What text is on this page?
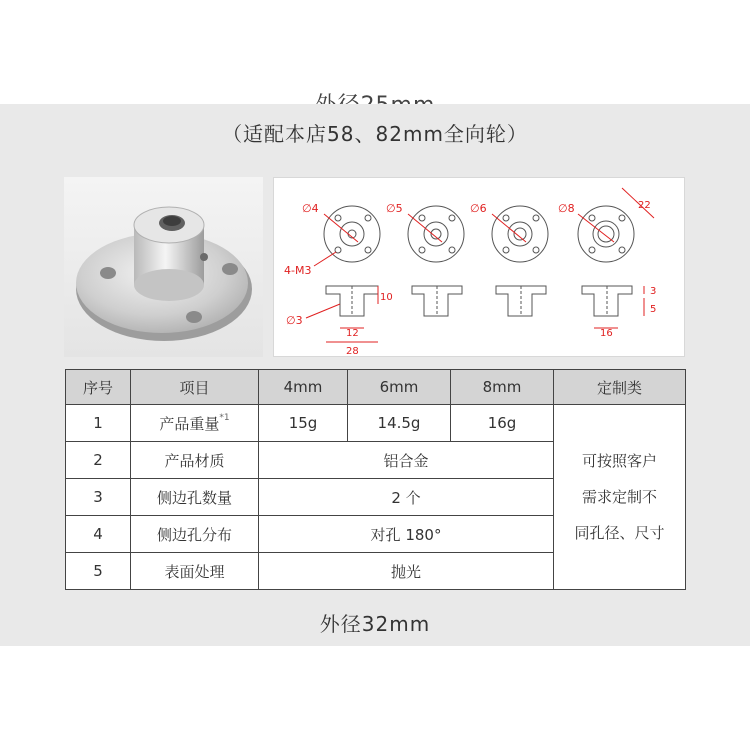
（适配本店58、82mm全向轮）
∅4	∅5	∅6	∅8
4-M3
∅3
12
28
10
22
3
5
16
序号	项目	4mm	6mm	8mm	定制类
1	产品重量$^{*1}$	15g	14.5g	16g	可按照客户
需求定制不
同孔径、尺寸

2	产品材质	铝合金			
3	侧边孔数量	2 个			
4	侧边孔分布	对孔 180°			
5	表面处理	抛光			
外径32mm
